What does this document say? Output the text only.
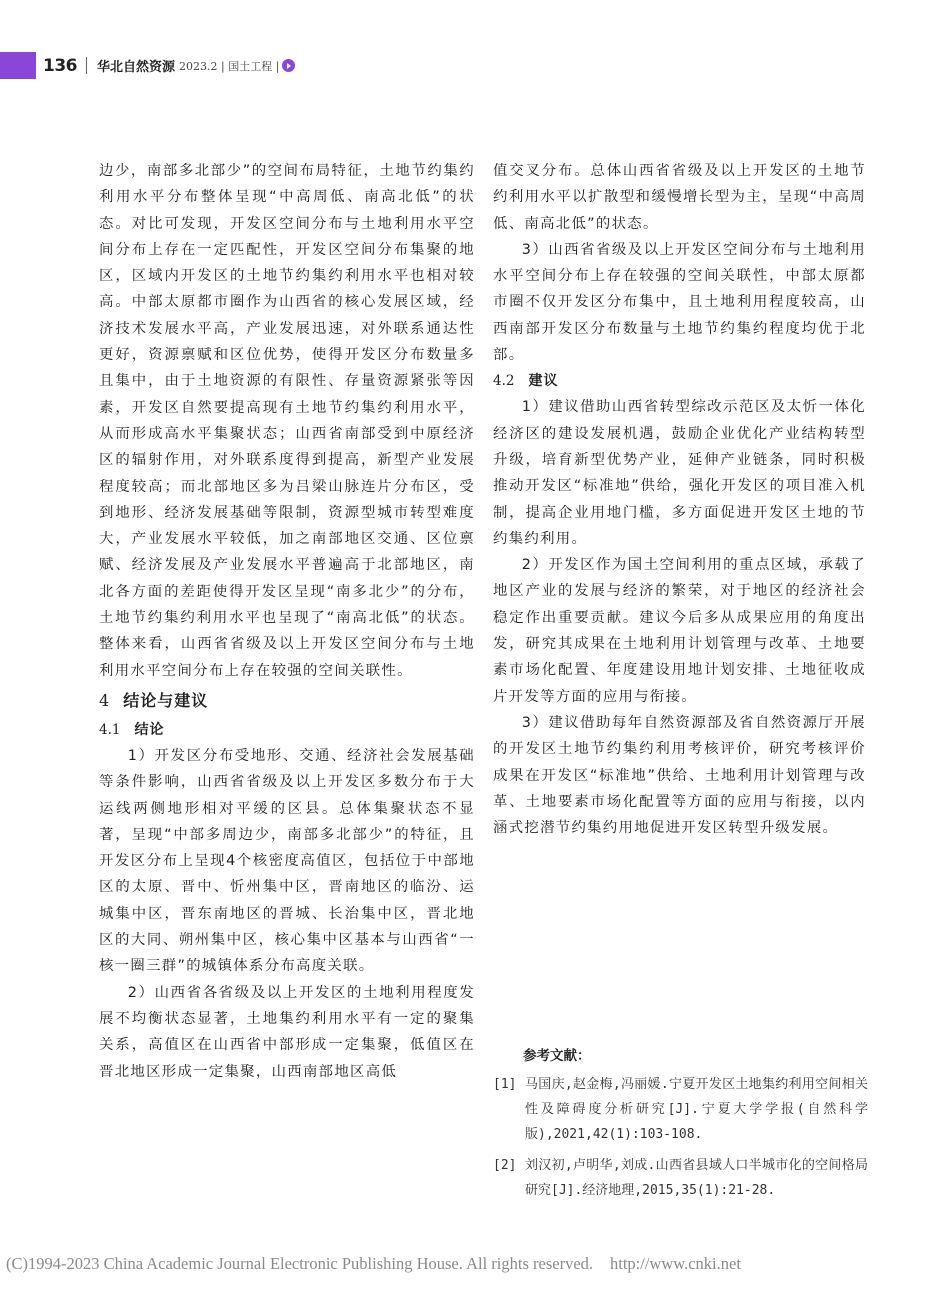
136 华北自然资源 2023.2 | 国土工程 |

边少，南部多北部少”的空间布局特征，土地节约集约利用水平分布整体呈现“中高周低、南高北低”的状态。对比可发现，开发区空间分布与土地利用水平空间分布上存在一定匹配性，开发区空间分布集聚的地区，区域内开发区的土地节约集约利用水平也相对较高。中部太原都市圈作为山西省的核心发展区域，经济技术发展水平高，产业发展迅速，对外联系通达性更好，资源禀赋和区位优势，使得开发区分布数量多且集中，由于土地资源的有限性、存量资源紧张等因素，开发区自然要提高现有土地节约集约利用水平，从而形成高水平集聚状态；山西省南部受到中原经济区的辐射作用，对外联系度得到提高，新型产业发展程度较高；而北部地区多为吕梁山脉连片分布区，受到地形、经济发展基础等限制，资源型城市转型难度大，产业发展水平较低，加之南部地区交通、区位禀赋、经济发展及产业发展水平普遍高于北部地区，南北各方面的差距使得开发区呈现“南多北少”的分布，土地节约集约利用水平也呈现了“南高北低”的状态。整体来看，山西省省级及以上开发区空间分布与土地利用水平空间分布上存在较强的空间关联性。

4 结论与建议
4.1 结论

1）开发区分布受地形、交通、经济社会发展基础等条件影响，山西省省级及以上开发区多数分布于大运线两侧地形相对平缓的区县。总体集聚状态不显著，呈现“中部多周边少，南部多北部少”的特征，且开发区分布上呈现4个核密度高值区，包括位于中部地区的太原、晋中、忻州集中区，晋南地区的临汾、运城集中区，晋东南地区的晋城、长治集中区，晋北地区的大同、朔州集中区，核心集中区基本与山西省“一核一圈三群”的城镇体系分布高度关联。

2）山西省各省级及以上开发区的土地利用程度发展不均衡状态显著，土地集约利用水平有一定的聚集关系，高值区在山西省中部形成一定集聚，低值区在晋北地区形成一定集聚，山西南部地区高低

值交叉分布。总体山西省省级及以上开发区的土地节约利用水平以扩散型和缓慢增长型为主，呈现“中高周低、南高北低”的状态。

3）山西省省级及以上开发区空间分布与土地利用水平空间分布上存在较强的空间关联性，中部太原都市圈不仅开发区分布集中，且土地利用程度较高，山西南部开发区分布数量与土地节约集约程度均优于北部。

4.2 建议

1）建议借助山西省转型综改示范区及太忻一体化经济区的建设发展机遇，鼓励企业优化产业结构转型升级，培育新型优势产业，延伸产业链条，同时积极推动开发区“标准地”供给，强化开发区的项目准入机制，提高企业用地门槛，多方面促进开发区土地的节约集约利用。

2）开发区作为国土空间利用的重点区域，承载了地区产业的发展与经济的繁荣，对于地区的经济社会稳定作出重要贡献。建议今后多从成果应用的角度出发，研究其成果在土地利用计划管理与改革、土地要素市场化配置、年度建设用地计划安排、土地征收成片开发等方面的应用与衔接。

3）建议借助每年自然资源部及省自然资源厅开展的开发区土地节约集约利用考核评价，研究考核评价成果在开发区“标准地”供给、土地利用计划管理与改革、土地要素市场化配置等方面的应用与衔接，以内涵式挖潜节约集约用地促进开发区转型升级发展。

参考文献：
[1] 马国庆,赵金梅,冯丽媛.宁夏开发区土地集约利用空间相关性及障碍度分析研究[J].宁夏大学学报(自然科学版),2021,42(1):103-108.
[2] 刘汉初,卢明华,刘成.山西省县域人口半城市化的空间格局研究[J].经济地理,2015,35(1):21-28.
(C)1994-2023 China Academic Journal Electronic Publishing House. All rights reserved. http://www.cnki.net
